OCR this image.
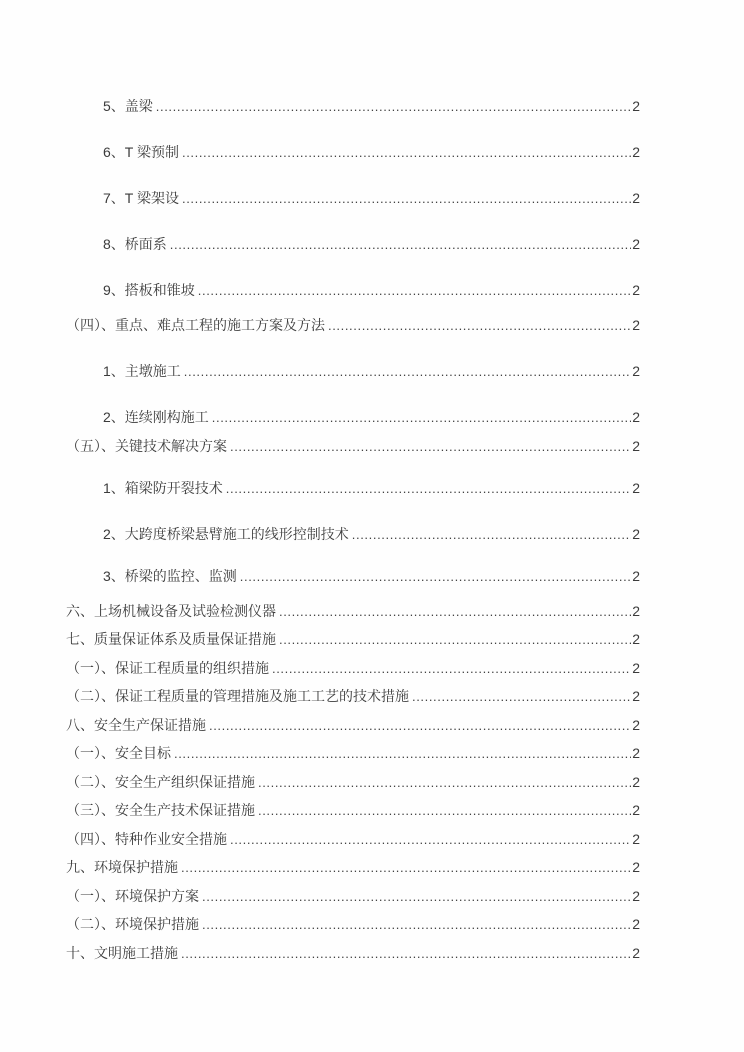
5、盖梁 .....	2
6、T 梁预制 .....	2
7、T 梁架设 .....	2
8、桥面系 .....	2
9、搭板和锥坡 .....	2
（四）、重点、难点工程的施工方案及方法 .....	2
1、主墩施工 .....	2
2、连续刚构施工 .....	2
（五）、关键技术解决方案 .....	2
1、箱梁防开裂技术 .....	2
2、大跨度桥梁悬臂施工的线形控制技术 .....	2
3、桥梁的监控、监测 .....	2
六、上场机械设备及试验检测仪器 .....	2
七、质量保证体系及质量保证措施 .....	2
（一）、保证工程质量的组织措施 .....	2
（二）、保证工程质量的管理措施及施工工艺的技术措施 .....	2
八、安全生产保证措施 .....	2
（一）、安全目标 .....	2
（二）、安全生产组织保证措施 .....	2
（三）、安全生产技术保证措施 .....	2
（四）、特种作业安全措施 .....	2
九、环境保护措施 .....	2
（一）、环境保护方案 .....	2
（二）、环境保护措施 .....	2
十、文明施工措施 .....	2
